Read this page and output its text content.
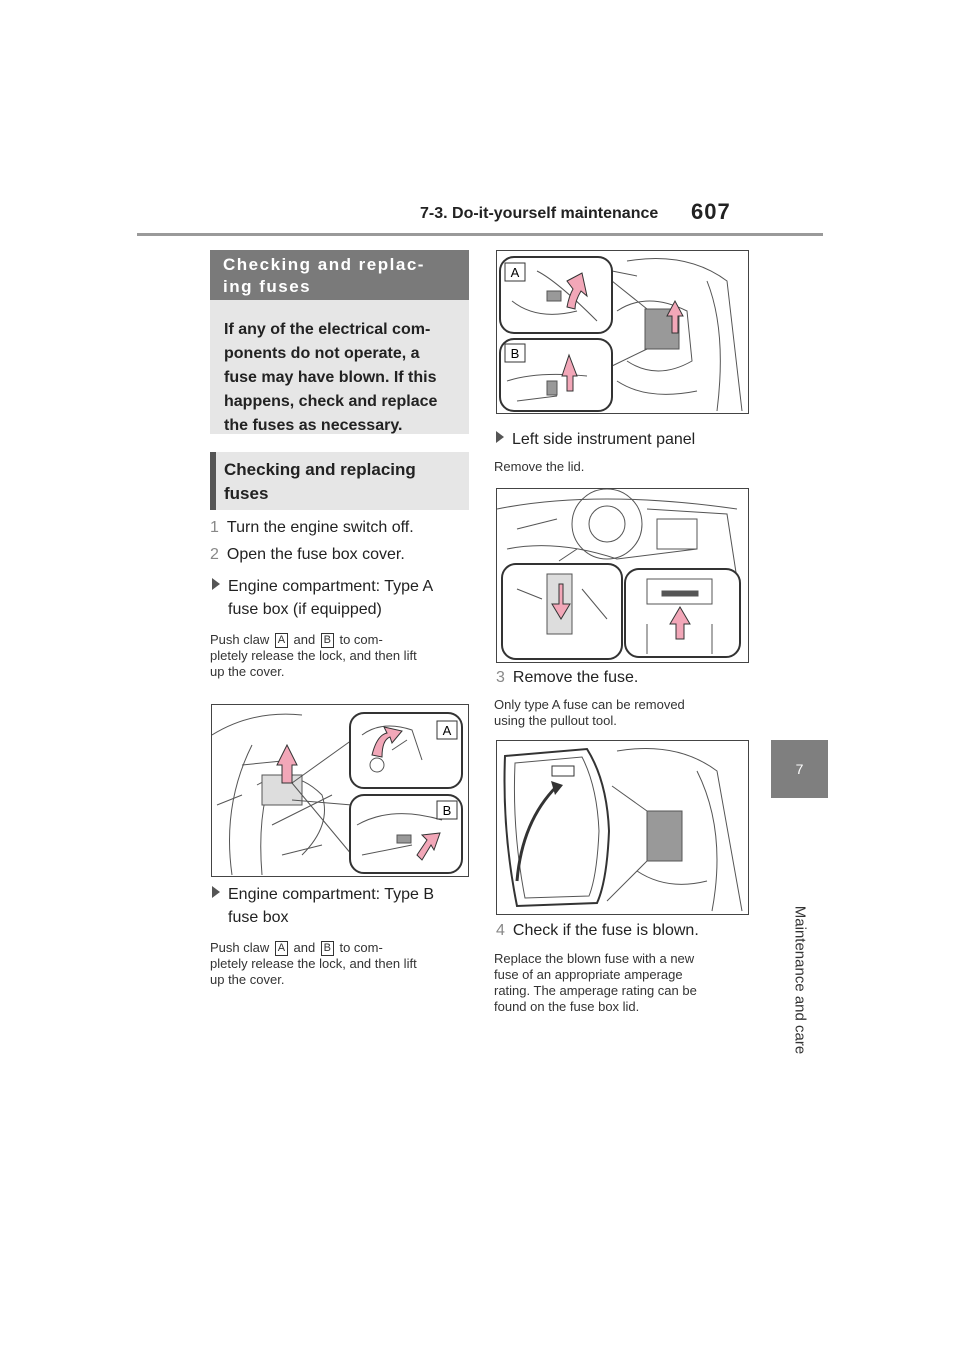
7-3. Do-it-yourself maintenance 607
7
Maintenance and care
Checking and replac-
ing fuses
If any of the electrical com-
ponents do not operate, a
fuse may have blown. If this
happens, check and replace
the fuses as necessary.
Checking and replacing
fuses
1 Turn the engine switch off.
2 Open the fuse box cover.
Engine compartment: Type A
fuse box (if equipped)
Push claw A and B to com-
pletely release the lock, and then lift
up the cover.
A
B
Engine compartment: Type B
fuse box
Push claw A and B to com-
pletely release the lock, and then lift
up the cover.
A
B
Left side instrument panel
Remove the lid.
3 Remove the fuse.
Only type A fuse can be removed
using the pullout tool.
4 Check if the fuse is blown.
Replace the blown fuse with a new
fuse of an appropriate amperage
rating. The amperage rating can be
found on the fuse box lid.
